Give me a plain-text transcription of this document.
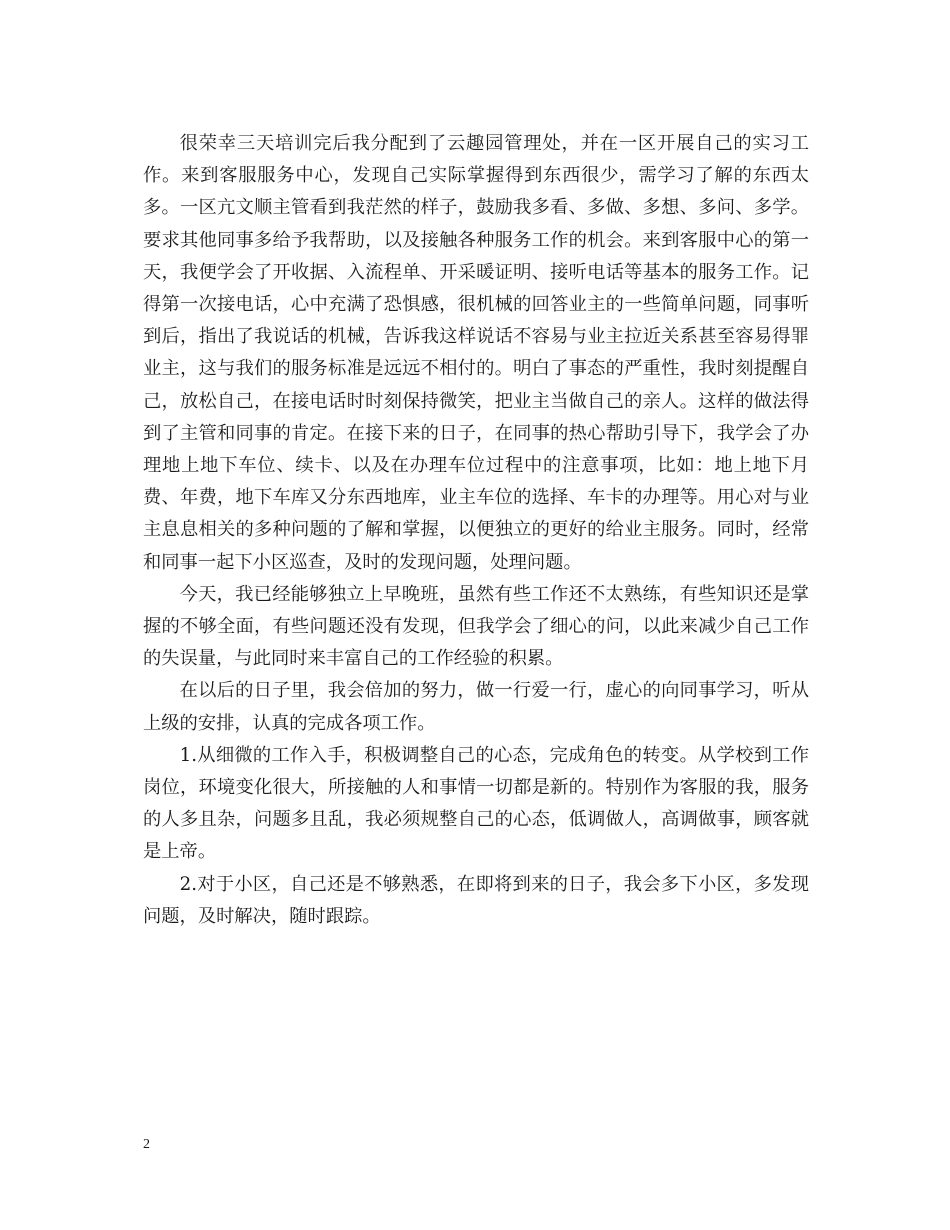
很荣幸三天培训完后我分配到了云趣园管理处，并在一区开展自己的实习工作。来到客服服务中心，发现自己实际掌握得到东西很少，需学习了解的东西太多。一区亢文顺主管看到我茫然的样子，鼓励我多看、多做、多想、多问、多学。要求其他同事多给予我帮助，以及接触各种服务工作的机会。来到客服中心的第一天，我便学会了开收据、入流程单、开采暖证明、接听电话等基本的服务工作。记得第一次接电话，心中充满了恐惧感，很机械的回答业主的一些简单问题，同事听到后，指出了我说话的机械，告诉我这样说话不容易与业主拉近关系甚至容易得罪业主，这与我们的服务标准是远远不相付的。明白了事态的严重性，我时刻提醒自己，放松自己，在接电话时时刻保持微笑，把业主当做自己的亲人。这样的做法得到了主管和同事的肯定。在接下来的日子，在同事的热心帮助引导下，我学会了办理地上地下车位、续卡、以及在办理车位过程中的注意事项，比如：地上地下月费、年费，地下车库又分东西地库，业主车位的选择、车卡的办理等。用心对与业主息息相关的多种问题的了解和掌握，以便独立的更好的给业主服务。同时，经常和同事一起下小区巡查，及时的发现问题，处理问题。

今天，我已经能够独立上早晚班，虽然有些工作还不太熟练，有些知识还是掌握的不够全面，有些问题还没有发现，但我学会了细心的问，以此来减少自己工作的失误量，与此同时来丰富自己的工作经验的积累。

在以后的日子里，我会倍加的努力，做一行爱一行，虚心的向同事学习，听从上级的安排，认真的完成各项工作。

1.从细微的工作入手，积极调整自己的心态，完成角色的转变。从学校到工作岗位，环境变化很大，所接触的人和事情一切都是新的。特别作为客服的我，服务的人多且杂，问题多且乱，我必须规整自己的心态，低调做人，高调做事，顾客就是上帝。

2.对于小区，自己还是不够熟悉，在即将到来的日子，我会多下小区，多发现问题，及时解决，随时跟踪。

2
